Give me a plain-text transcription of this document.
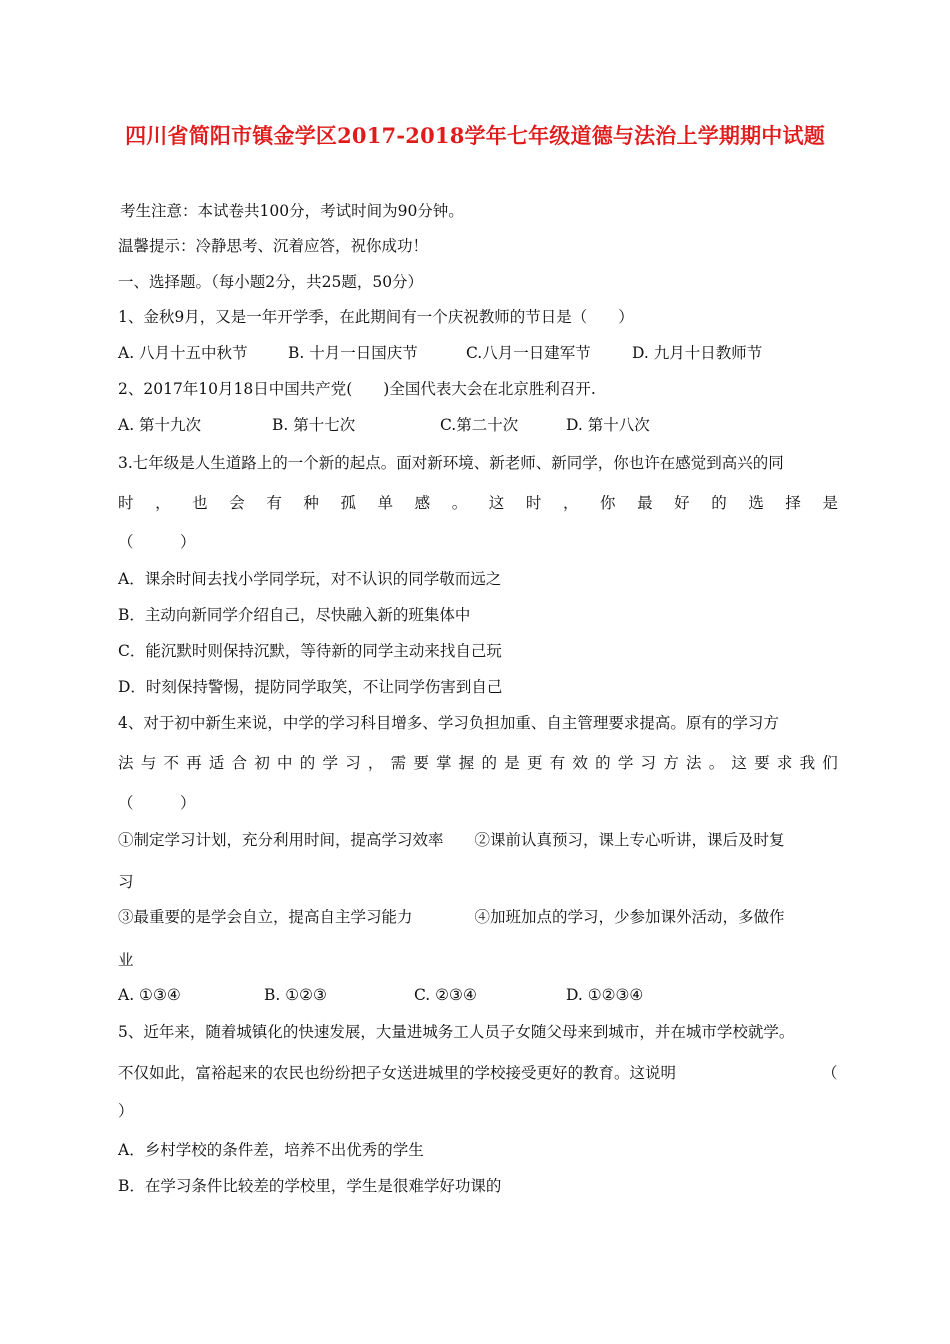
四川省简阳市镇金学区2017-2018学年七年级道德与法治上学期期中试题
考生注意：本试卷共100分，考试时间为90分钟。
温馨提示：冷静思考、沉着应答，祝你成功！
一、选择题。（每小题2分，共25题，50分）
1、金秋9月，又是一年开学季，在此期间有一个庆祝教师的节日是（　　）
A. 八月十五中秋节	B. 十月一日国庆节	C.八月一日建军节	D. 九月十日教师节
2、2017年10月18日中国共产党(　　)全国代表大会在北京胜利召开.
A. 第十九次	B. 第十七次	C.第二十次	D. 第十八次
3.七年级是人生道路上的一个新的起点。面对新环境、新老师、新同学，你也许在感觉到高兴的同
时 ， 也 会 有 种 孤 单 感 。 这 时 ， 你 最 好 的 选 择 是
（　　　）
A．课余时间去找小学同学玩，对不认识的同学敬而远之
B．主动向新同学介绍自己，尽快融入新的班集体中
C．能沉默时则保持沉默，等待新的同学主动来找自己玩
D．时刻保持警惕，提防同学取笑，不让同学伤害到自己
4、对于初中新生来说，中学的学习科目增多、学习负担加重、自主管理要求提高。原有的学习方
法 与 不 再 适 合 初 中 的 学 习 ， 需 要 掌 握 的 是 更 有 效 的 学 习 方 法 。 这 要 求 我 们
（　　　）
①制定学习计划，充分利用时间，提高学习效率　　②课前认真预习，课上专心听讲，课后及时复
习
③最重要的是学会自立，提高自主学习能力　　　　④加班加点的学习，少参加课外活动，多做作
业
A. ①③④	B. ①②③	C. ②③④	D. ①②③④
5、近年来，随着城镇化的快速发展，大量进城务工人员子女随父母来到城市，并在城市学校就学。
不仅如此，富裕起来的农民也纷纷把子女送进城里的学校接受更好的教育。这说明	（
）
A．乡村学校的条件差，培养不出优秀的学生
B．在学习条件比较差的学校里，学生是很难学好功课的
